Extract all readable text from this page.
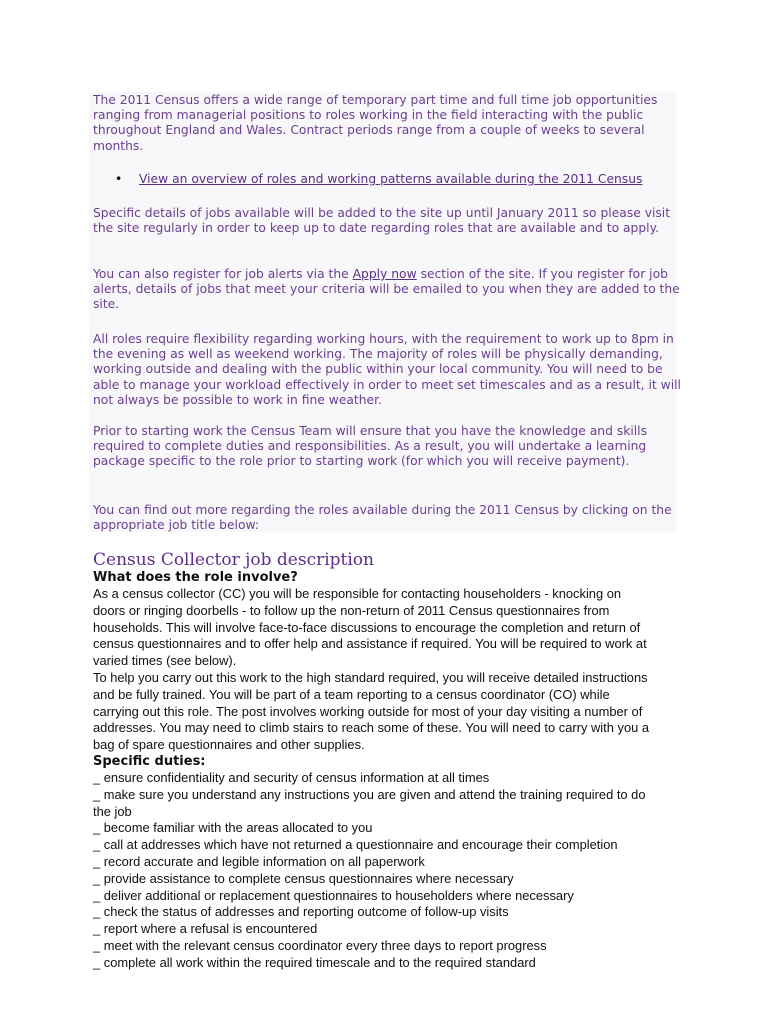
The 2011 Census offers a wide range of temporary part time and full time job opportunities ranging from managerial positions to roles working in the field interacting with the public throughout England and Wales. Contract periods range from a couple of weeks to several months.

• View an overview of roles and working patterns available during the 2011 Census

Specific details of jobs available will be added to the site up until January 2011 so please visit the site regularly in order to keep up to date regarding roles that are available and to apply.

You can also register for job alerts via the Apply now section of the site. If you register for job alerts, details of jobs that meet your criteria will be emailed to you when they are added to the site.

All roles require flexibility regarding working hours, with the requirement to work up to 8pm in the evening as well as weekend working. The majority of roles will be physically demanding, working outside and dealing with the public within your local community. You will need to be able to manage your workload effectively in order to meet set timescales and as a result, it will not always be possible to work in fine weather.

Prior to starting work the Census Team will ensure that you have the knowledge and skills required to complete duties and responsibilities. As a result, you will undertake a learning package specific to the role prior to starting work (for which you will receive payment).

You can find out more regarding the roles available during the 2011 Census by clicking on the appropriate job title below:

Census Collector job description
What does the role involve?

As a census collector (CC) you will be responsible for contacting householders - knocking on doors or ringing doorbells - to follow up the non-return of 2011 Census questionnaires from households. This will involve face-to-face discussions to encourage the completion and return of census questionnaires and to offer help and assistance if required. You will be required to work at varied times (see below).

To help you carry out this work to the high standard required, you will receive detailed instructions and be fully trained. You will be part of a team reporting to a census coordinator (CO) while carrying out this role. The post involves working outside for most of your day visiting a number of addresses. You may need to climb stairs to reach some of these. You will need to carry with you a bag of spare questionnaires and other supplies.

Specific duties:
_ ensure confidentiality and security of census information at all times
_ make sure you understand any instructions you are given and attend the training required to do the job
_ become familiar with the areas allocated to you
_ call at addresses which have not returned a questionnaire and encourage their completion
_ record accurate and legible information on all paperwork
_ provide assistance to complete census questionnaires where necessary
_ deliver additional or replacement questionnaires to householders where necessary
_ check the status of addresses and reporting outcome of follow-up visits
_ report where a refusal is encountered
_ meet with the relevant census coordinator every three days to report progress
_ complete all work within the required timescale and to the required standard
